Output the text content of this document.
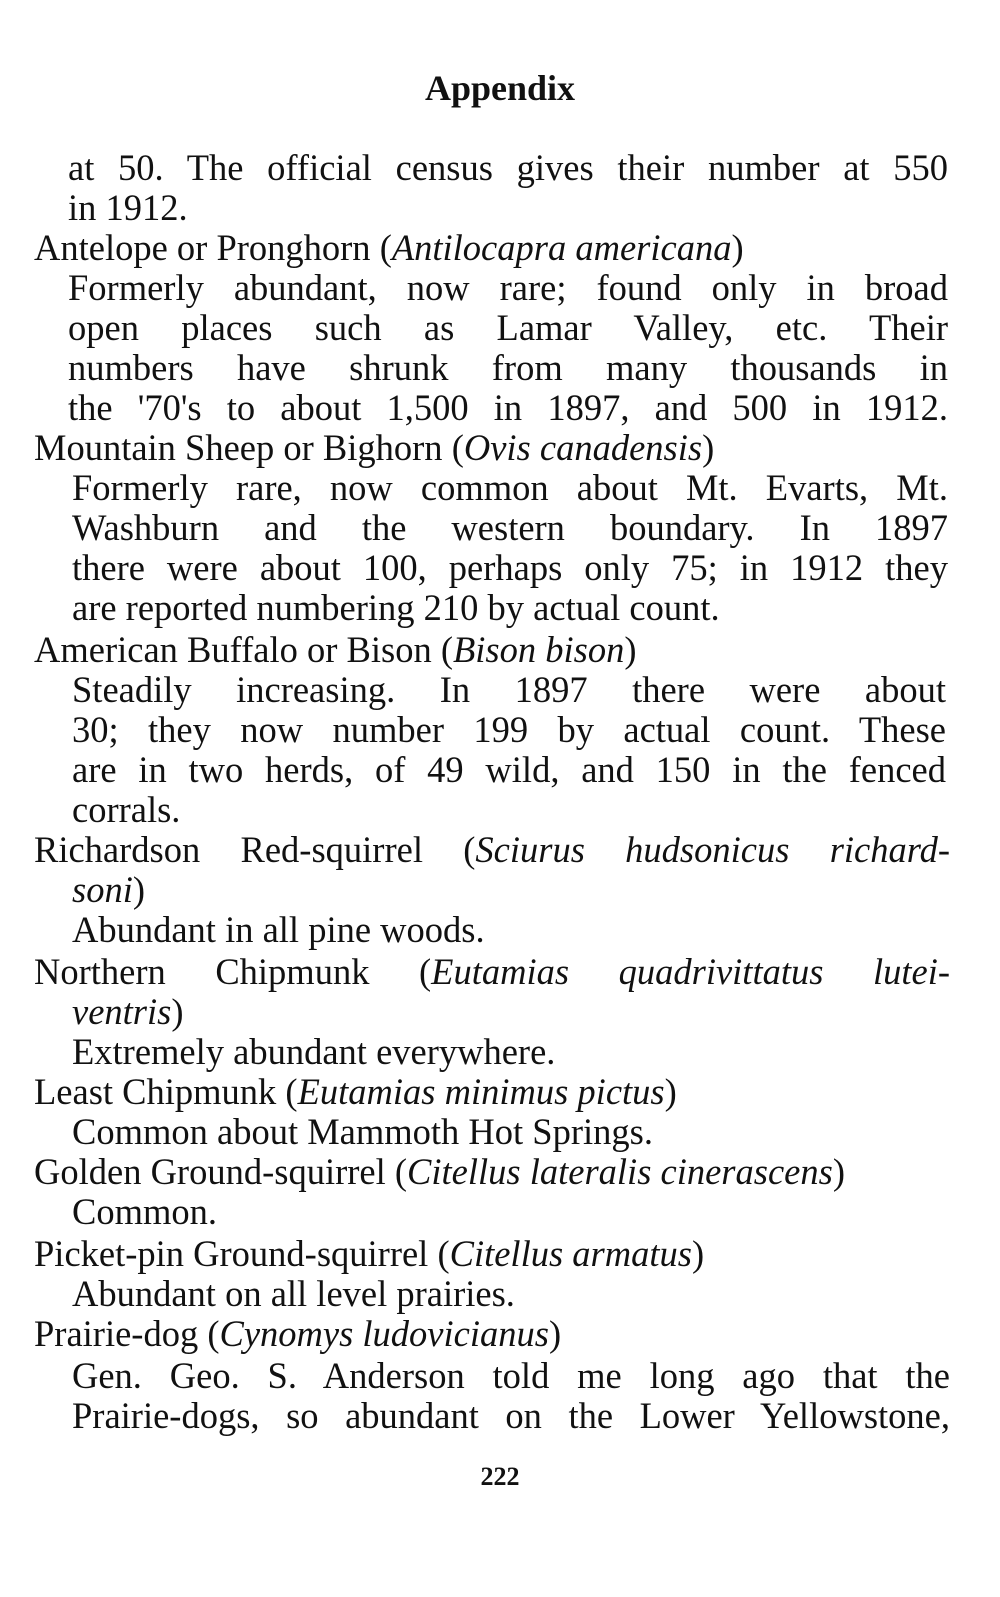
Appendix
at 50. The official census gives their number at 550
in 1912.
Antelope or Pronghorn (Antilocapra americana)
Formerly abundant, now rare; found only in broad
open places such as Lamar Valley, etc. Their
numbers have shrunk from many thousands in
the '70's to about 1,500 in 1897, and 500 in 1912.
Mountain Sheep or Bighorn (Ovis canadensis)
Formerly rare, now common about Mt. Evarts, Mt.
Washburn and the western boundary. In 1897
there were about 100, perhaps only 75; in 1912 they
are reported numbering 210 by actual count.
American Buffalo or Bison (Bison bison)
Steadily increasing. In 1897 there were about
30; they now number 199 by actual count. These
are in two herds, of 49 wild, and 150 in the fenced
corrals.
Richardson Red-squirrel (Sciurus hudsonicus richard-
soni)
Abundant in all pine woods.
Northern Chipmunk (Eutamias quadrivittatus lutei-
ventris)
Extremely abundant everywhere.
Least Chipmunk (Eutamias minimus pictus)
Common about Mammoth Hot Springs.
Golden Ground-squirrel (Citellus lateralis cinerascens)
Common.
Picket-pin Ground-squirrel (Citellus armatus)
Abundant on all level prairies.
Prairie-dog (Cynomys ludovicianus)
Gen. Geo. S. Anderson told me long ago that the
Prairie-dogs, so abundant on the Lower Yellowstone,
222
